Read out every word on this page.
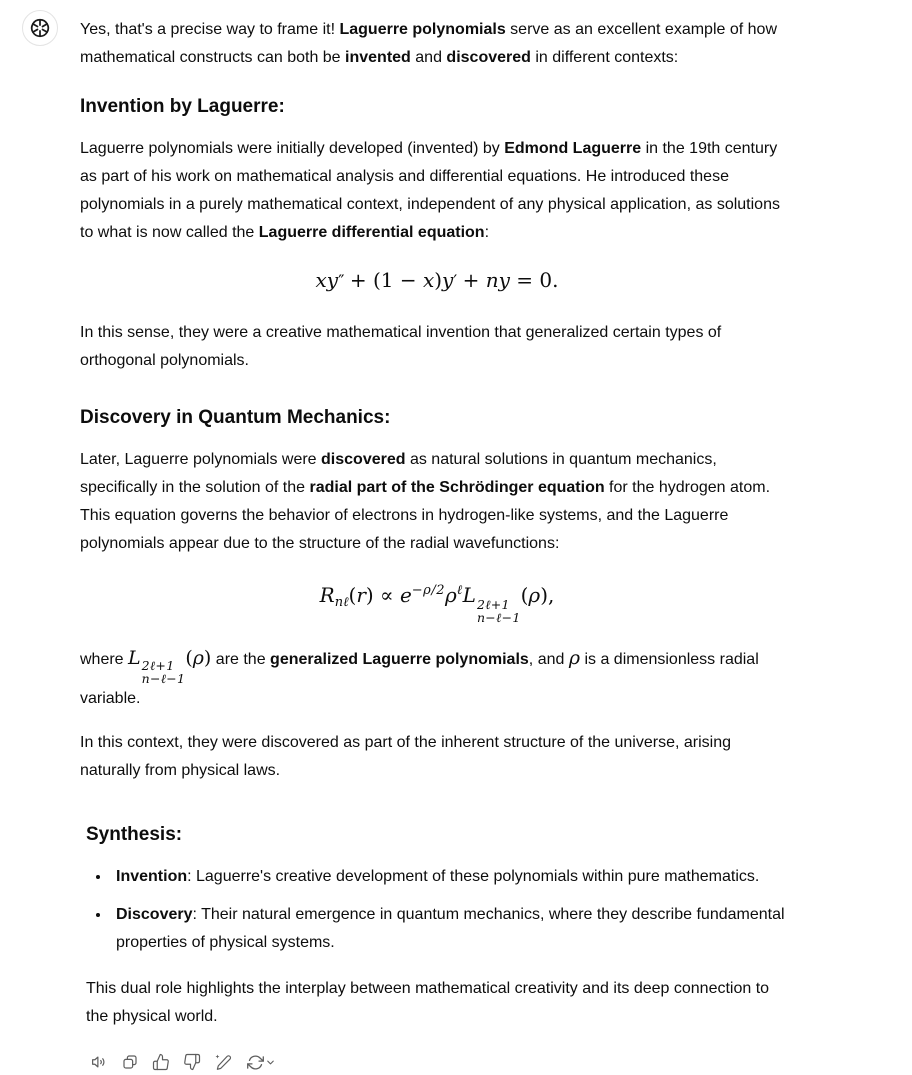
Yes, that's a precise way to frame it! Laguerre polynomials serve as an excellent example of how mathematical constructs can both be invented and discovered in different contexts:

Invention by Laguerre:

Laguerre polynomials were initially developed (invented) by Edmond Laguerre in the 19th century as part of his work on mathematical analysis and differential equations. He introduced these polynomials in a purely mathematical context, independent of any physical application, as solutions to what is now called the Laguerre differential equation:

xy″ + (1 − x)y′ + ny = 0.

In this sense, they were a creative mathematical invention that generalized certain types of orthogonal polynomials.

Discovery in Quantum Mechanics:

Later, Laguerre polynomials were discovered as natural solutions in quantum mechanics, specifically in the solution of the radial part of the Schrödinger equation for the hydrogen atom. This equation governs the behavior of electrons in hydrogen-like systems, and the Laguerre polynomials appear due to the structure of the radial wavefunctions:

$R_{n\ell}(r) \propto e^{-\rho/2}\rho^\ell L$ 2ℓ+1
n−ℓ−1
(ρ),

where L 2ℓ+1
n−ℓ−1
(ρ) are the generalized Laguerre polynomials, and ρ is a dimensionless radial variable.

In this context, they were discovered as part of the inherent structure of the universe, arising naturally from physical laws.

Synthesis:
• Invention: Laguerre's creative development of these polynomials within pure mathematics.
• Discovery: Their natural emergence in quantum mechanics, where they describe fundamental properties of physical systems.

This dual role highlights the interplay between mathematical creativity and its deep connection to the physical world.
